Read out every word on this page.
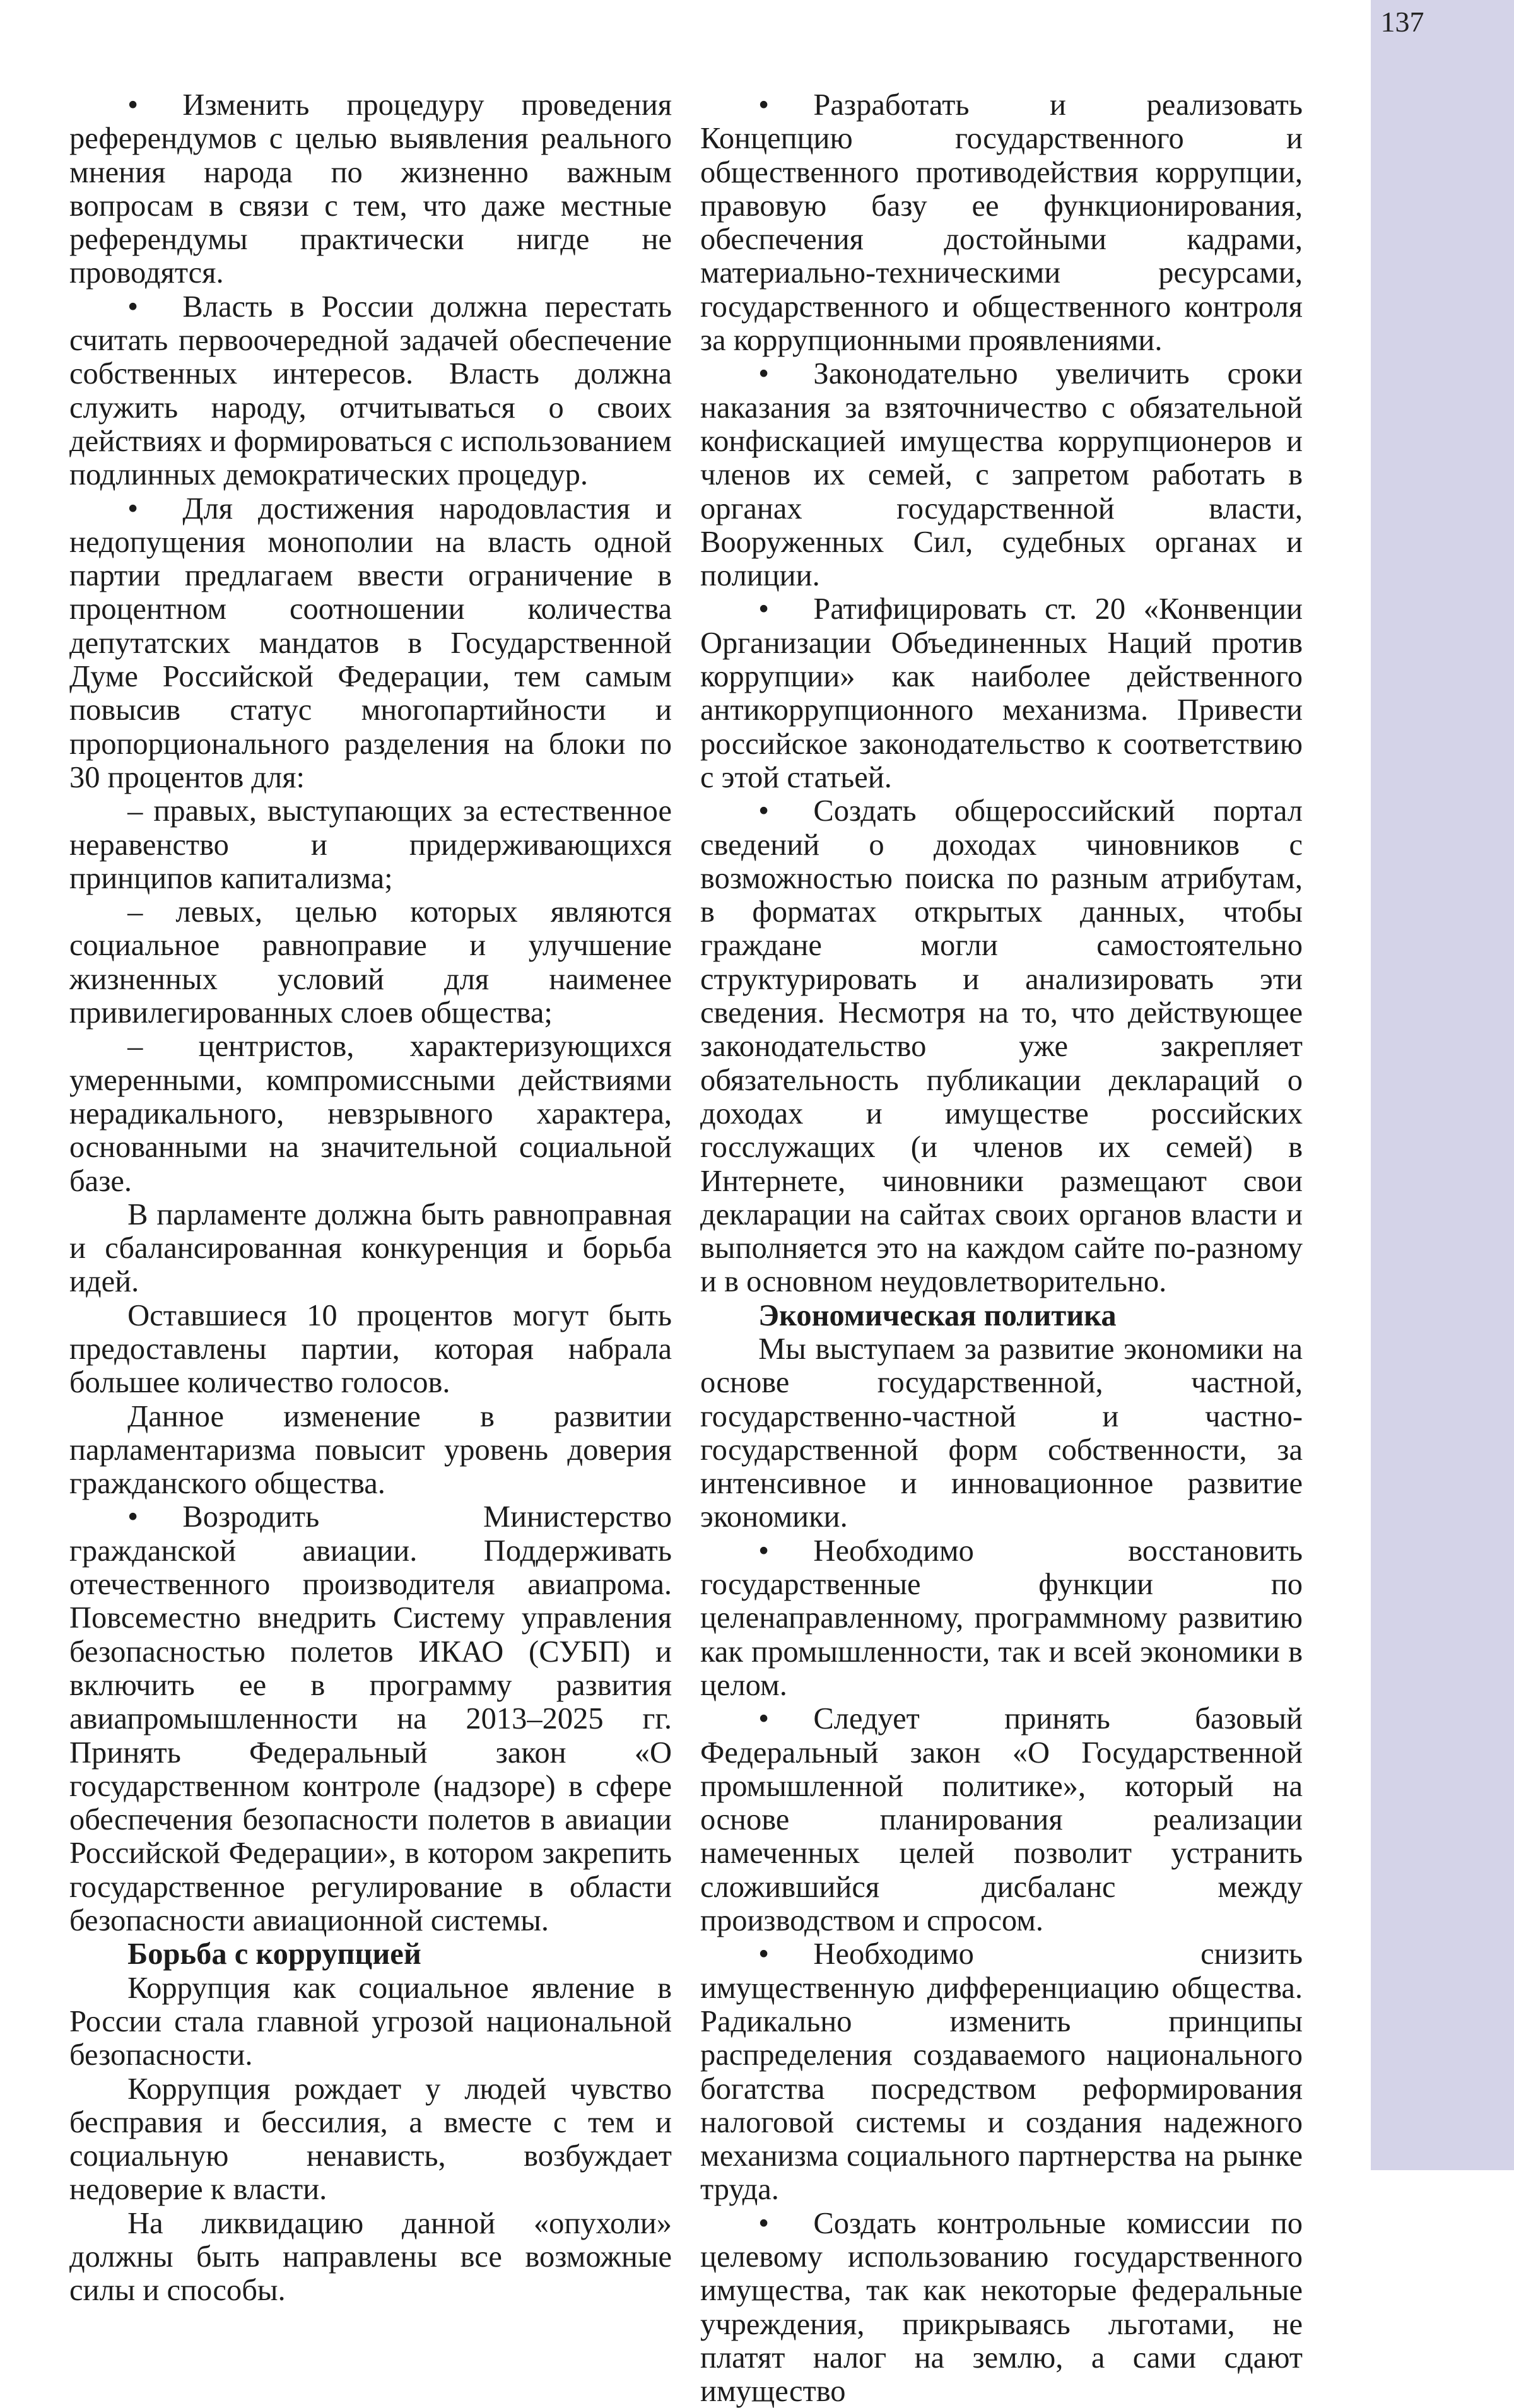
137

• Изменить процедуру проведения референдумов с целью выявления реального мнения народа по жизненно важным вопросам в связи с тем, что даже местные референдумы практически нигде не проводятся.

• Власть в России должна перестать считать первоочередной задачей обеспечение собственных интересов. Власть должна служить народу, отчитываться о своих действиях и формироваться с использованием подлинных демократических процедур.

• Для достижения народовластия и недопущения монополии на власть одной партии предлагаем ввести ограничение в процентном соотношении количества депутатских мандатов в Государственной Думе Российской Федерации, тем самым повысив статус многопартийности и пропорционального разделения на блоки по 30 процентов для:

– правых, выступающих за естественное неравенство и придерживающихся принципов капитализма;

– левых, целью которых являются социальное равноправие и улучшение жизненных условий для наименее привилегированных слоев общества;

– центристов, характеризующихся умеренными, компромиссными действиями нерадикального, невзрывного характера, основанными на значительной социальной базе.

В парламенте должна быть равноправная и сбалансированная конкуренция и борьба идей.

Оставшиеся 10 процентов могут быть предоставлены партии, которая набрала большее количество голосов.

Данное изменение в развитии парламентаризма повысит уровень доверия гражданского общества.

• Возродить Министерство гражданской авиации. Поддерживать отечественного производителя авиапрома. Повсеместно внедрить Систему управления безопасностью полетов ИКАО (СУБП) и включить ее в программу развития авиапромышленности на 2013–2025 гг. Принять Федеральный закон «О государственном контроле (надзоре) в сфере обеспечения безопасности полетов в авиации Российской Федерации», в котором закрепить государственное регулирование в области безопасности авиационной системы.

Борьба с коррупцией

Коррупция как социальное явление в России стала главной угрозой национальной безопасности.

Коррупция рождает у людей чувство бесправия и бессилия, а вместе с тем и социальную ненависть, возбуждает недоверие к власти.

На ликвидацию данной «опухоли» должны быть направлены все возможные силы и способы.

• Разработать и реализовать Концепцию государственного и общественного противодействия коррупции, правовую базу ее функционирования, обеспечения достойными кадрами, материально-техническими ресурсами, государственного и общественного контроля за коррупционными проявлениями.

• Законодательно увеличить сроки наказания за взяточничество с обязательной конфискацией имущества коррупционеров и членов их семей, с запретом работать в органах государственной власти, Вооруженных Сил, судебных органах и полиции.

• Ратифицировать ст. 20 «Конвенции Организации Объединенных Наций против коррупции» как наиболее действенного антикоррупционного механизма. Привести российское законодательство к соответствию с этой статьей.

• Создать общероссийский портал сведений о доходах чиновников с возможностью поиска по разным атрибутам, в форматах открытых данных, чтобы граждане могли самостоятельно структурировать и анализировать эти сведения. Несмотря на то, что действующее законодательство уже закрепляет обязательность публикации деклараций о доходах и имуществе российских госслужащих (и членов их семей) в Интернете, чиновники размещают свои декларации на сайтах своих органов власти и выполняется это на каждом сайте по-разному и в основном неудовлетворительно.

Экономическая политика

Мы выступаем за развитие экономики на основе государственной, частной, государственно-частной и частно-государственной форм собственности, за интенсивное и инновационное развитие экономики.

• Необходимо восстановить государственные функции по целенаправленному, программному развитию как промышленности, так и всей экономики в целом.

• Следует принять базовый Федеральный закон «О Государственной промышленной политике», который на основе планирования реализации намеченных целей позволит устранить сложившийся дисбаланс между производством и спросом.

• Необходимо снизить имущественную дифференциацию общества. Радикально изменить принципы распределения создаваемого национального богатства посредством реформирования налоговой системы и создания надежного механизма социального партнерства на рынке труда.

• Создать контрольные комиссии по целевому использованию государственного имущества, так как некоторые федеральные учреждения, прикрываясь льготами, не платят налог на землю, а сами сдают имущество
